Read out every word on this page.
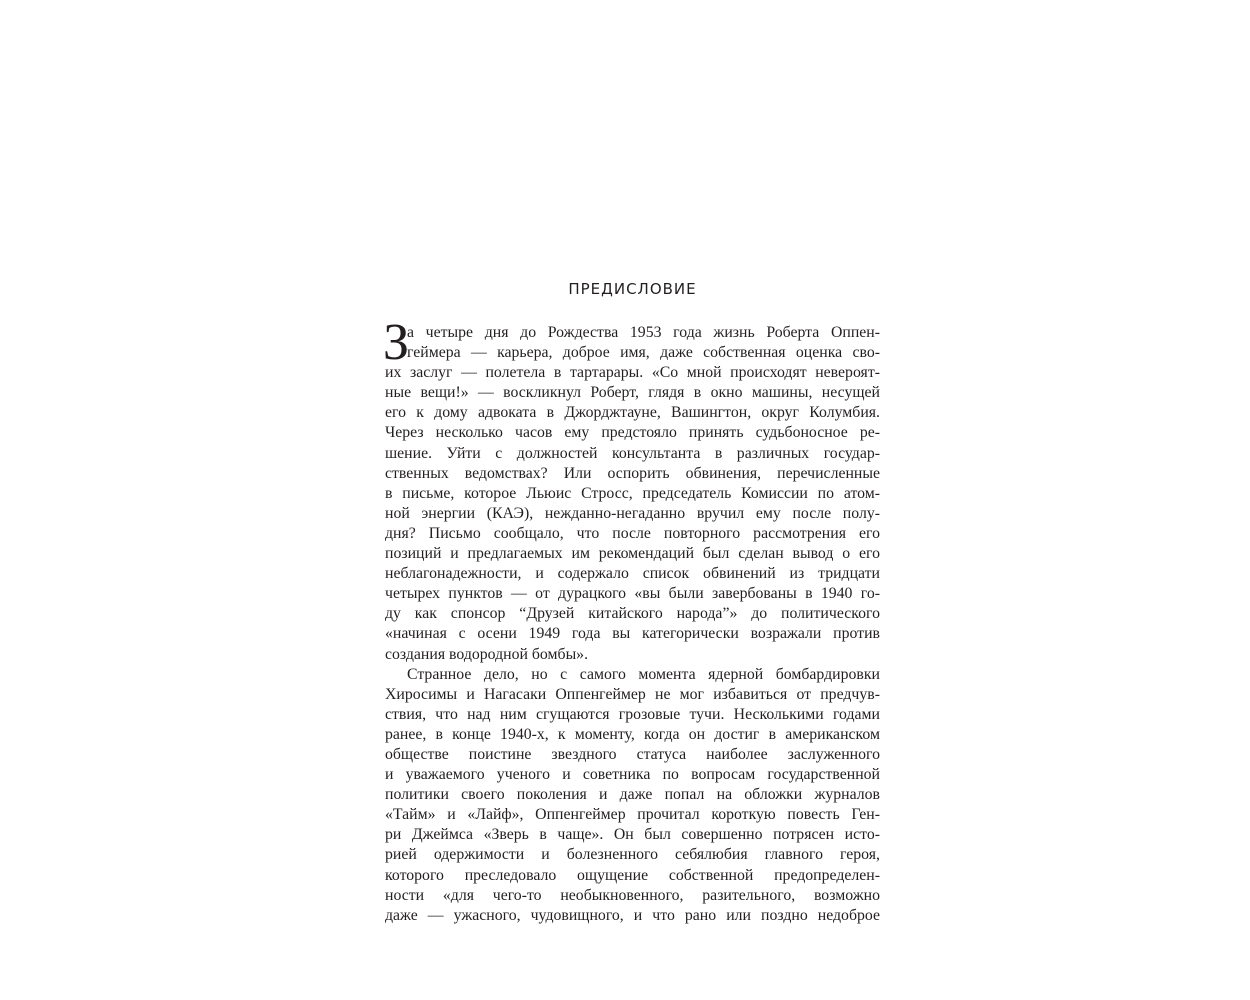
ПРЕДИСЛОВИЕ
З
а четыре дня до Рождества 1953 года жизнь Роберта Оппен-
геймера — карьера, доброе имя, даже собственная оценка сво-
их заслуг — полетела в тартарары. «Со мной происходят невероят-
ные вещи!» — воскликнул Роберт, глядя в окно машины, несущей
его к дому адвоката в Джорджтауне, Вашингтон, округ Колумбия.
Через несколько часов ему предстояло принять судьбоносное ре-
шение. Уйти с должностей консультанта в различных государ-
ственных ведомствах? Или оспорить обвинения, перечисленные
в письме, которое Льюис Стросс, председатель Комиссии по атом-
ной энергии (КАЭ), нежданно-негаданно вручил ему после полу-
дня? Письмо сообщало, что после повторного рассмотрения его
позиций и предлагаемых им рекомендаций был сделан вывод о его
неблагонадежности, и содержало список обвинений из тридцати
четырех пунктов — от дурацкого «вы были завербованы в 1940 го-
ду как спонсор “Друзей китайского народа”» до политического
«начиная с осени 1949 года вы категорически возражали против
создания водородной бомбы».
Странное дело, но с самого момента ядерной бомбардировки
Хиросимы и Нагасаки Оппенгеймер не мог избавиться от предчув-
ствия, что над ним сгущаются грозовые тучи. Несколькими годами
ранее, в конце 1940-х, к моменту, когда он достиг в американском
обществе поистине звездного статуса наиболее заслуженного
и уважаемого ученого и советника по вопросам государственной
политики своего поколения и даже попал на обложки журналов
«Тайм» и «Лайф», Оппенгеймер прочитал короткую повесть Ген-
ри Джеймса «Зверь в чаще». Он был совершенно потрясен исто-
рией одержимости и болезненного себялюбия главного героя,
которого преследовало ощущение собственной предопределен-
ности «для чего-то необыкновенного, разительного, возможно
даже — ужасного, чудовищного, и что рано или поздно недоброе
